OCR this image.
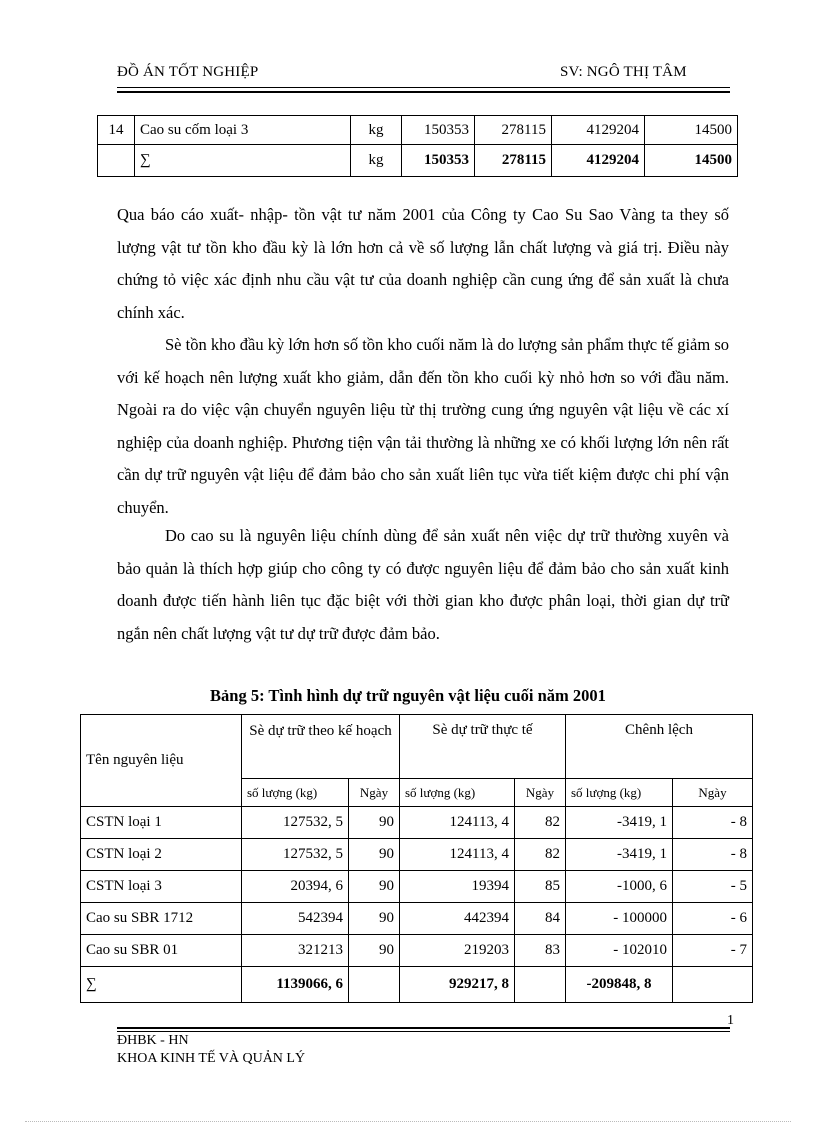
ĐỒ ÁN TỐT NGHIỆP	SV: NGÔ THỊ TÂM
14	Cao su cốm loại 3	kg	150353	278115	4129204	14500
	∑	kg	150353	278115	4129204	14500

Qua báo cáo xuất- nhập- tồn vật tư năm 2001 của Công ty Cao Su Sao Vàng ta they số lượng vật tư tồn kho đầu kỳ là lớn hơn cả về số lượng lẫn chất lượng và giá trị. Điều này chứng tỏ việc xác định nhu cầu vật tư của doanh nghiệp cần cung ứng để sản xuất là chưa chính xác.

Sè tồn kho đầu kỳ lớn hơn số tồn kho cuối năm là do lượng sản phẩm thực tế giảm so với kế hoạch nên lượng xuất kho giảm, dẫn đến tồn kho cuối kỳ nhỏ hơn so với đầu năm. Ngoài ra do việc vận chuyển nguyên liệu từ thị trường cung ứng nguyên vật liệu về các xí nghiệp của doanh nghiệp. Phương tiện vận tải thường là những xe có khối lượng lớn nên rất cần dự trữ nguyên vật liệu để đảm bảo cho sản xuất liên tục vừa tiết kiệm được chi phí vận chuyển.

Do cao su là nguyên liệu chính dùng để sản xuất nên việc dự trữ thường xuyên và bảo quản là thích hợp giúp cho công ty có được nguyên liệu để đảm bảo cho sản xuất kinh doanh được tiến hành liên tục đặc biệt với thời gian kho được phân loại, thời gian dự trữ ngắn nên chất lượng vật tư dự trữ được đảm bảo.

Bảng 5: Tình hình dự trữ nguyên vật liệu cuối năm 2001
Tên nguyên liệu	Sè dự trữ theo kế hoạch		Sè dự trữ thực tế		Chênh lệch	
	số lượng (kg)	Ngày	số lượng (kg)	Ngày	số lượng (kg)	Ngày
CSTN loại 1	127532, 5	90	124113, 4	82	-3419, 1	- 8
CSTN loại 2	127532, 5	90	124113, 4	82	-3419, 1	- 8
CSTN loại 3	20394, 6	90	19394	85	-1000, 6	- 5
Cao su SBR 1712	542394	90	442394	84	- 100000	- 6
Cao su SBR 01	321213	90	219203	83	- 102010	- 7
∑	1139066, 6		929217, 8		-209848, 8	
1
ĐHBK - HN
KHOA KINH TẾ VÀ QUẢN LÝ
